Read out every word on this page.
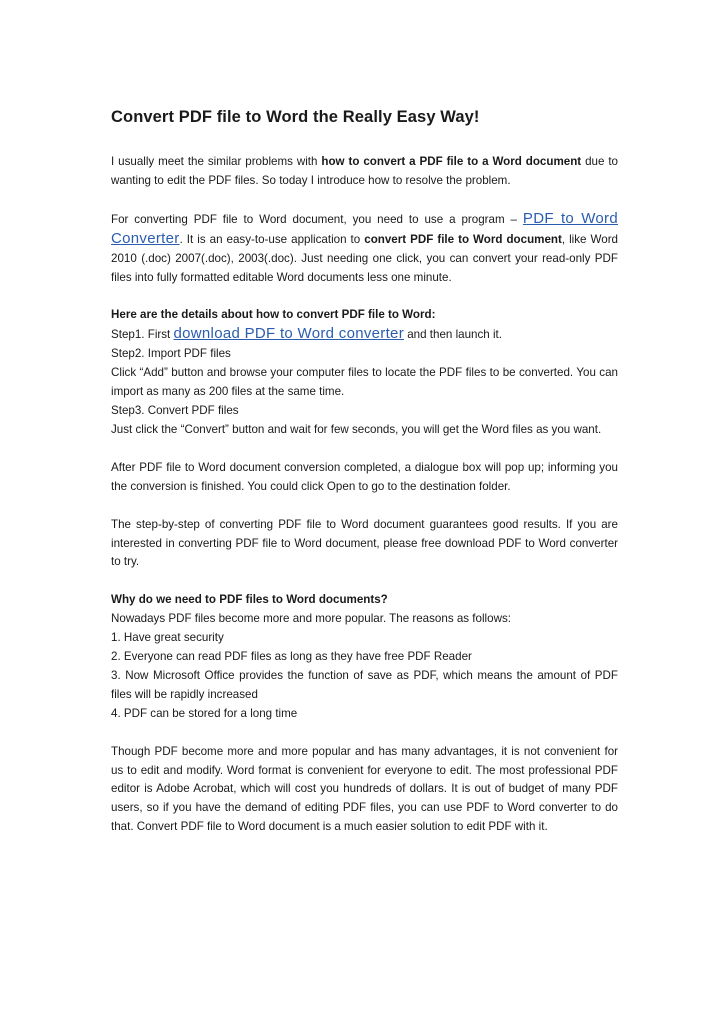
Convert PDF file to Word the Really Easy Way!

I usually meet the similar problems with how to convert a PDF file to a Word document due to wanting to edit the PDF files. So today I introduce how to resolve the problem.

For converting PDF file to Word document, you need to use a program – PDF to Word Converter. It is an easy-to-use application to convert PDF file to Word document, like Word 2010 (.doc) 2007(.doc), 2003(.doc). Just needing one click, you can convert your read-only PDF files into fully formatted editable Word documents less one minute.

Here are the details about how to convert PDF file to Word:
Step1. First download PDF to Word converter and then launch it.
Step2. Import PDF files
Click “Add” button and browse your computer files to locate the PDF files to be converted. You can import as many as 200 files at the same time.
Step3. Convert PDF files
Just click the “Convert” button and wait for few seconds, you will get the Word files as you want.

After PDF file to Word document conversion completed, a dialogue box will pop up; informing you the conversion is finished. You could click Open to go to the destination folder.

The step-by-step of converting PDF file to Word document guarantees good results. If you are interested in converting PDF file to Word document, please free download PDF to Word converter to try.

Why do we need to PDF files to Word documents?
Nowadays PDF files become more and more popular. The reasons as follows:
1. Have great security
2. Everyone can read PDF files as long as they have free PDF Reader
3. Now Microsoft Office provides the function of save as PDF, which means the amount of PDF files will be rapidly increased
4. PDF can be stored for a long time

Though PDF become more and more popular and has many advantages, it is not convenient for us to edit and modify. Word format is convenient for everyone to edit. The most professional PDF editor is Adobe Acrobat, which will cost you hundreds of dollars. It is out of budget of many PDF users, so if you have the demand of editing PDF files, you can use PDF to Word converter to do that. Convert PDF file to Word document is a much easier solution to edit PDF with it.
